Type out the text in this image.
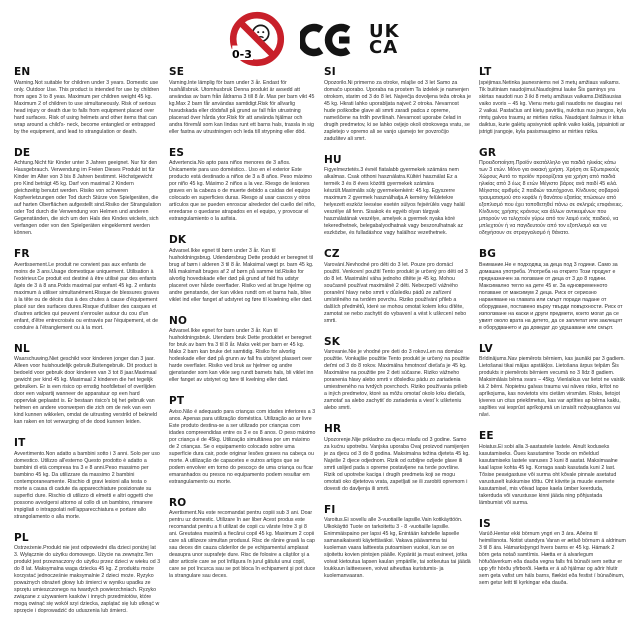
0-3
UK
CA
EN

Warning.Not suitable for children under 3 years. Domestic use only. Outdoor Use. This product is intended for use by children from ages 3 to 8 yeas. Maximum per children weight 45 kg. Maximum 2 of children to use simultaneously. Risk of serious head injury or death due to falls from equipment placed over hard surfaces. Risk of using helmets and other items that can wrap around a child's- neck, become entangled or entrapped by the equipment, and lead to strangulation or death.

DE

Achtung.Nicht für Kinder unter 3 Jahren geeignet. Nur für den Hausgebrauch. Verwendung im Freien Dieses Produkt ist für Kinder im Alter von 3 bis 8 Jahren bestimmt. Höchstgewicht pro Kind beträgt 45 kg. Darf von maximal 2 Kindern gleichzeitig benutzt werden. Risiko von schweren Kopfverletzungen oder Tod durch Stürze von Spielgeräten, die auf harten Oberflächen aufgestellt sind.Risiko der Strangulation oder Tod durch die Verwendung von Helmen und anderen Gegenständen, die sich um den Hals des Kindes wickeln, sich verfangen oder von den Spielgeräten eingeklemmt werden können.

FR

Avertissement.Le produit ne convient pas aux enfants de moins de 3 ans.Usage domestique uniquement. Utilisation à l'extérieur.Ce produit est destiné à être utilisé par des enfants âgés de 3 à 8 ans.Poids maximal par enfant 45 kg. 2 enfants maximum à utiliser simultanément.Risque de blessures graves à la tête ou de décès dus à des chutes à cause d'équipement placé sur des surfaces dures.Risque d'utiliser des casques et d'autres articles qui peuvent s'enrouler autour du cou d'un enfant, d'être entrecroisés ou entravés par l'équipement, et de conduire à l'étranglement ou à la mort.

NL

Waarschuwing.Niet geschikt voor kinderen jonger dan 3 jaar. Alleen voor huishoudelijk gebruik.Buitengebruik. Dit product is bedoeld voor gebruik door kinderen van 3 tot 8 jaar.Maximaal gewicht per kind 45 kg. Maximaal 2 kinderen die het tegelijk gebruiken. Er is een risico op ernstig hoofdletsel of overlijden door een valpartij wanneer de apparatuur op een hard oppervlak geplaatst is. Er bestaan risico's bij het gebruik van helmen en andere voorwerpen die zich om de nek van een kind kunnen wikkelen, omdat de uitrusting verstrikt of bekneld kan raken en tot verwurging of de dood kunnen leiden.

IT

Avvertimento.Non adatto a bambini sotto i 3 anni. Solo per uso domestico. Utilizzo all'esterno Questo prodotto è adatto a bambini di età compresa tra 3 e 8 anni.Peso massimo per bambino 45 kg. Da utilizzare da massimo 2 bambini contemporaneamente. Rischio di gravi lesioni alla testa o morte a causa di cadute da apparecchiature posizionate su superfici dure. Rischio di utilizzo di elmetti e altri oggetti che possono avvolgersi attorno al collo di un bambino, rimanere impigliati o intrappolati nell'apparecchiatura e portare allo strangolamento o alla morte.

PL

Ostrzeżenie.Produkt nie jest odpowiedni dla dzieci poniżej lat 3. Wyłącznie do użytku domowego. Użycie na zewnątrz.Ten produkt jest przeznaczony do użytku przez dzieci w wieku od 3 do 8 lat. Maksymalna waga dziecka 45 kg. Z produktu może korzystać jednocześnie maksymalnie 2 dzieci może. Ryzyko poważnych obrażeń głowy lub śmierci w wyniku upadku ze sprzętu umieszczonego na twardych powierzchniach. Ryzyko związane z używaniem kasków i innych przedmiotów, które mogą owinąć się wokół szyi dziecka, zaplątać się lub utknąć w sprzęcie i doprowadzić do uduszenia lub śmierci.

SE

Varning.Inte lämplig för barn under 3 år. Endast för hushållsbruk. Utomhusbruk Denna produkt är avsedd att användas av barn från åldrarna 3 till 8 år. Max per barn vikt 45 kg.Max 2 barn får användas samtidigt.Risk för allvarlig huvudskada eller dödsfall på grund av fall från utrustning placerad över hårda ytor.Risk för att använda hjälmar och andra föremål som kan lindas runt ett barns hals, trassla in sig eller fastna av utrustningen och leda till strypning eller död.

ES

Advertencia.No apto para niños menores de 3 años. Únicamente para uso doméstico.. Uso en el exterior Este producto está destinado a niños de 3 a 8 años. Peso máximo por niño 45 kg. Máximo 2 niños a la vez. Riesgo de lesiones graves en la cabeza o de muerte debido a caídas del equipo colocado en superficies duras. Riesgo al usar cascos y otros artículos que se pueden enroscar alrededor del cuello del niño, enredarse o quedarse atrapados en el equipo, y provocar el estrangulamiento o la asfixia.

DK

Advarsel.Ikke egnet til børn under 3 år. Kun til husholdningsbrug. Udendørsbrug Dette produkt er beregnet til brug af børn i alderen 3 til 8 år. Maksimal vægt pr. barn 45 kg. Må maksimalt bruges af 2 af børn på samme tid.Risiko for alvorlig hovedskade eller død på grund af fald fra udstyr placeret over hårde overflader. Risiko ved at bruge hjelme og andre genstande, der kan vikles rundt om et barns hals, blive viklet ind eller fanget af udstyret og føre til kvælning eller død.

NO

Advarsel.Ikke egnet for barn under 3 år. Kun til husholdningsbruk. Utendørs bruk Dette produktet er beregnet for bruk av barn fra 3 til 8 år. Maks vekt per barn er 45 kg. Maks 2 barn kan bruke det samtidig. Risiko for alvorlig hodeskade eller død på grunn av fall fra utstyret plassert over harde overflater. Risiko ved bruk av hjelmer og andre gjenstander som kan vikle seg rundt barnets hals, bli viklet inn eller fanget av utstyret og føre til kvelning eller død.

PT

Aviso.Não é adequado para crianças com idades inferiores a 3 anos. Apenas para utilização doméstica. Utilização ao ar livre Este produto destina-se a ser utilizado por crianças com idades compreendidas entre os 3 e os 8 anos. O peso máximo por criança é de 45kg. Utilização simultânea por um máximo de 2 crianças. Se o equipamento colocado sobre uma superfície dura cair, pode originar lesões graves na cabeça ou morte. A utilização de capacetes e outros artigos que se podem envolver em torno do pescoço de uma criança ou ficar emaranhados ou presos no equipamento podem resultar em estrangulamento ou morte.

RO

Avertisment.Nu este recomandat pentru copiii sub 3 ani. Doar pentru uz domestic. Utilizare în aer liber Acest produs este recomandat pentru a fi utilizat de copii cu vârste între 3 şi 8 ani. Greutatea maximă a fiecărui copil 45 kg. Maximum 2 copii care să utilizeze simultan produsul. Risc de rănire gravă la cap sau deces din cauza căderilor de pe echipamentul amplasat deasupra unor suprafeţe dure. Risc de folosire a căştilor şi a altor articole care se pot înfăşura în jurul gâtului unui copil, care se pot încurca sau se pot bloca în echipament şi pot duce la strangulare sau deces.

SI

Opozorilo.Ni primerno za otroke, mlajše od 3 let Samo za domačo uporabo. Uporaba na prostem Ta izdelek je namenjen otrokom, starim od 3 do 8 let. Največja dovoljena teža otroka je 45 kg. Hkrati lahko uporabljata največ 2 otroka. Nevarnost hude poškodbe glave ali smrti zaradi padca z opreme, nameščene na trdih površinah. Nevarnost uporabe čelad in drugih predmetov, ki se lahko ovijejo okoli otrokovega vratu, se zapletejo v opremo ali se vanjo ujamejo ter povzročijo zadušitev ali smrt.

HU

Figyelmeztetés.3 évnél fiatalabb gyermekek számára nem alkalmas. Csak otthoni használatra.Kültéri használat Ez a termék 3 és 8 éves közötti gyermekek számára készült.Maximális súly gyermekenként: 45 kg. Egyszerre maximum 2 gyermek használhatja.A kemény felületekre helyezett eszköz leesése esetén súlyos fejsérülés vagy halál veszélye áll fenn. Sisakok és egyéb olyan tárgyak használatának veszélye, amelyek a gyermek nyaka köré tekeredhetnek, belegabalyodhatnak vagy beszorulhatnak az eszközbe, és fulladáshoz vagy halálhoz vezethetnek.

CZ

Varování.Nevhodné pro děti do 3 let. Pouze pro domácí použití. Venkovní použití Tento produkt je určený pro děti od 3 do 8 let. Maximální váha jednoho dítěte je 45 kg. Mohou současně používat maximálně 2 děti. Nebezpečí vážného poranění hlavy nebo smrti v důsledku pádů ze zařízení umístěného na tvrdém povrchu. Riziko používání přileb a dalších předmětů, které se mohou omotat kolem krku dítěte, zamotat se nebo zachytit do vybavení a vést k uškrcení nebo smrti.

SK

Varovanie.Nie je vhodné pre deti do 3 rokov.Len na domáce použitie. Vonkajšie použitie Tento produkt je určený na použitie deťmi od 3 do 8 rokov. Maximálna hmotnosť dieťaťa je 45 kg. Maximálne na použitie pre 2 deti súčasne. Riziko vážneho poranenia hlavy alebo smrti v dôsledku pádu zo zariadenia umiestneného na tvrdých povrchoch. Riziko používania prilieb a iných predmetov, ktoré sa môžu omotať okolo krku dieťaťa, zamotať sa alebo zachytiť do zariadenia a viesť k uškrteniu alebo smrti.

HR

Upozorenje.Nije prikladno za djecu mlađu od 3 godine. Samo za kućnu upotrebu. Vanjska uporaba Ovaj proizvod namijenjen je za djecu od 3 do 8 godina. Maksimalna težina djeteta 45 kg. Najviše 2 djece odjednom. Rizik od ozbiljne ozljede glave ili smrti uslijed pada s opreme postavljene na tvrde površine. Rizik od upotrebe kaciga i drugih predmeta koji se mogu omotati oko djetetova vrata, zapetljati se ili zarobiti opremom i dovesti do davljenja ili smrti.

FI

Varoitus.Ei sovellu alle 3-vuotiaille lapsille.Vain kotikäyttöön. Ulkokäyttö Tuote on tarkoitettu 3 - 8 -vuotiaille lapsille. Enimmäispaino per lapsi 45 kg, Enintään kahdelle lapselle samanaikaisesti käytettäväksi. Vakava päävamma tai kuoleman vaara laitteesta putoamisen vuoksi, kun se on sijoitettu kovien pintojen päälle. Kypärät ja muut esineet, jotka voivat kietoutua lapsen kaulan ympärille, tai sotkeutua tai jäädä loukkuun laitteeseen, voivat aiheuttaa kuristumis- ja kuolemanvaaran.

LT

Įspėjimas.Netinka jaunesniems nei 3 metų amžiaus vaikams. Tik buitiniam naudojimui.Naudojimui lauke Šis gaminys yra skirtas naudoti nuo 3 iki 8 metų amžiaus vaikams.Didžiausias vaiko svoris – 45 kg. Vienu metu gali naudotis ne daugiau nei 2 vaikai. Pastačius ant kietų paviršių, nukritus nuo įrangos, kyla rimtų galvos traumų ar mirties rizika. Naudojant šalmus ir kitus daiktus, kurie galėtų apsivynioti aplink vaiko kaklą, įsipainioti ar įstrigti įrangoje, kyla pasismaugimo ar mirties rizika.

GR

Προειδοποίηση.Προϊόν ακατάλληλο για παιδιά ηλικίας κάτω των 3 ετών. Μόνο για οικιακή χρήση. Χρήση σε Εξωτερικούς Χώρους Αυτό το προϊόν προορίζεται για χρήση από παιδιά ηλικίας από 3 έως 8 ετών Μέγιστο βάρος ανά παιδί 45 κιλά. Μέγιστος αριθμός 2 παιδιών ταυτόχρονα. Κίνδυνος σοβαρού τραυματισμού στο κεφάλι ή θανάτου εξαιτίας πτώσεων από εξοπλισμό που έχει τοποθετηθεί πάνω σε σκληρές επιφάνειες. Κίνδυνος χρήσης κράνους και άλλων αντικειμένων που μπορούν να τυλιχτούν γύρω από τον λαιμό ενός παιδιού, να μπλεχτούν ή να παγιδευτούν από τον εξοπλισμό και να οδηγήσουν σε στραγγαλισμό ή θάνατο.

BG

Внимание.Не е подходящ за деца под 3 години. Само за домашна употреба. Употреба на открито Този продукт е предназначен за ползване от деца от 3 до 8 години. Максимално тегло на дете 45 кг. За едновременното ползване от максимум 2 деца. Риск от сериозно нараняване на главата или смърт поради падане от оборудване, поставено върху твърди повърхности. Риск от използване на каски и други предмети, които могат да се увият около врата на детето, да се заплетат или заклещят в оборудването и да доведат до удушаване или смърт.

LV

Brīdinājums.Nav piemērots bērniem, kas jaunāki par 3 gadiem. Lietošanai tikai mājas apstākļos. Lietošana ārpus telpām Šis produkts ir piemērots bērniem vecumā no 3 līdz 8 gadiem. Maksimālais bērna svars – 45kg. Vienlaikus var lietot ne vairāk kā 2 bērni. Nopietnu galvas traumu vai nāves risks, krītot no aprīkojuma, kas novietots virs cietām virsmām. Risks, lietojot ķiveres un citus priekšmetus, kas var aptīties ap bērna kaklu, sapīties vai iesprūst aprīkojumā un izraisīt nožņaugšanos vai nāvi.

EE

Hoiatus.Ei sobi alla 3-aastastele lastele. Ainult koduseks kasutamiseks. Õues kasutamine Toode on mõeldud kasutamiseks lastele vanuses 3 kuni 8 aastat. Maksimaalne kaal lapse kohta 45 kg. Korraga saab kasutada kuni 2 last. Tõsise peavigastuse või surma oht kõvale pinnale asetatud varustuselt kukkumise tõttu. Oht kiivrite ja muude esemete kasutamisel, mis võivad lapse kaela ümber keerduda, takerduda või varustusse kinni jääda ning põhjustada lämbumist või surma.

IS

Varúð.Hentar ekki börnum yngri en 3 ára. Aðeins til heimilisnota. Notist utandyra Varan er ætluð börnum á aldrinum 3 til 8 ára. Hámarksþyngd hvers barns er 45 kg. Hámark 2 börn geta notað samtímis. Hætta er á alvarlegum höfuðáverkum eða dauða vegna falls frá búnaði sem settur er upp yfir hörðu yfirborði. Hætta er á að hjálmar og aðrir hlutir sem geta vafist um háls barns, flækist eða festist í búnaðinum, sem getur leitt til kyrkingar eða dauða.
